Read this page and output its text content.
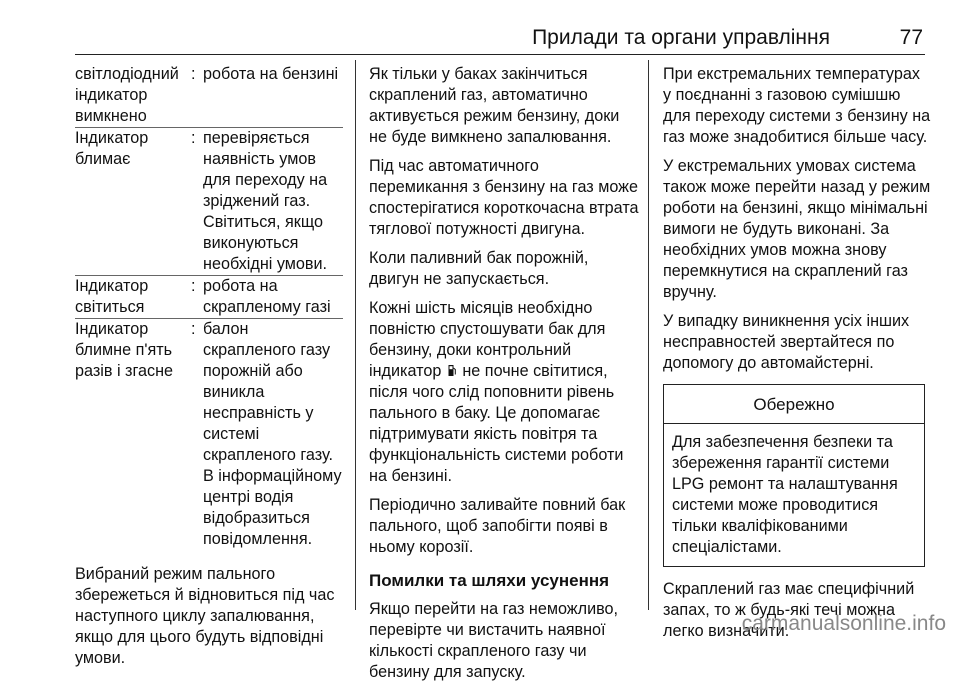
Прилади та органи управління	77
світлодіодний
індикатор
вимкнено
: робота на бензині
Індикатор
блимає
: перевіряється наявність умов для переходу на зріджений газ. Світиться, якщо виконуються необхідні умови.
Індикатор
світиться
: робота на скрапленому газі
Індикатор
блимне п'ять
разів і згасне
: балон скрапленого газу порожній або виникла несправність у системі скрапленого газу. В інформаційному центрі водія відобразиться повідомлення.

Вибраний режим пального збережеться й відновиться під час наступного циклу запалювання, якщо для цього будуть відповідні умови.

Як тільки у баках закінчиться скраплений газ, автоматично активується режим бензину, доки не буде вимкнено запалювання.

Під час автоматичного перемикання з бензину на газ може спостерігатися короткочасна втрата тяглової потужності двигуна.

Коли паливний бак порожній, двигун не запускається.

Кожні шість місяців необхідно повністю спустошувати бак для бензину, доки контрольний індикатор не почне світитися, після чого слід поповнити рівень пального в баку. Це допомагає підтримувати якість повітря та функціональність системи роботи на бензині.

Періодично заливайте повний бак пального, щоб запобігти появі в ньому корозії.

Помилки та шляхи усунення

Якщо перейти на газ неможливо, перевірте чи вистачить наявної кількості скрапленого газу чи бензину для запуску.

При екстремальних температурах у поєднанні з газовою сумішшю для переходу системи з бензину на газ може знадобитися більше часу.

У екстремальних умовах система також може перейти назад у режим роботи на бензині, якщо мінімальні вимоги не будуть виконані. За необхідних умов можна знову перемкнутися на скраплений газ вручну.

У випадку виникнення усіх інших несправностей звертайтеся по допомогу до автомайстерні.

Обережно
Для забезпечення безпеки та збереження гарантії системи LPG ремонт та налаштування системи може проводитися тільки кваліфікованими спеціалістами.

Скраплений газ має специфічний запах, то ж будь-які течі можна легко визначити.

carmanualsonline.info
